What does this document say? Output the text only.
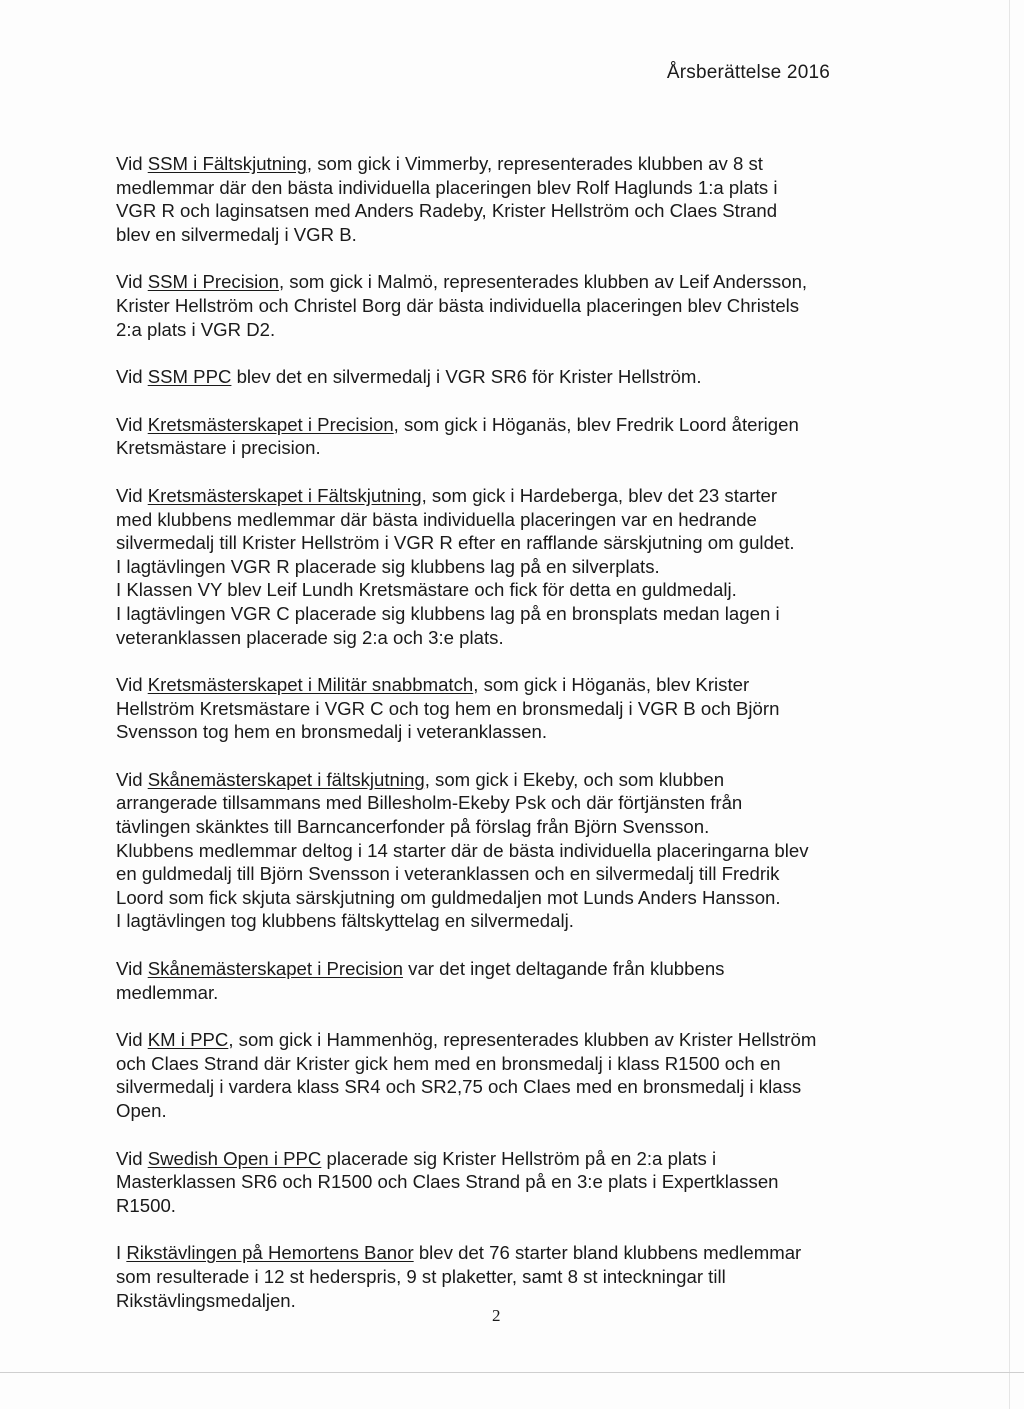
Årsberättelse 2016
Vid SSM i Fältskjutning, som gick i Vimmerby, representerades klubben av 8 st
medlemmar där den bästa individuella placeringen blev Rolf Haglunds 1:a plats i
VGR R och laginsatsen med Anders Radeby, Krister Hellström och Claes Strand
blev en silvermedalj i VGR B.
Vid SSM i Precision, som gick i Malmö, representerades klubben av Leif Andersson,
Krister Hellström och Christel Borg där bästa individuella placeringen blev Christels
2:a plats i VGR D2.
Vid SSM PPC blev det en silvermedalj i VGR SR6 för Krister Hellström.
Vid Kretsmästerskapet i Precision, som gick i Höganäs, blev Fredrik Loord återigen
Kretsmästare i precision.
Vid Kretsmästerskapet i Fältskjutning, som gick i Hardeberga, blev det 23 starter
med klubbens medlemmar där bästa individuella placeringen var en hedrande
silvermedalj till Krister Hellström i VGR R efter en rafflande särskjutning om guldet.
I lagtävlingen VGR R placerade sig klubbens lag på en silverplats.
I Klassen VY blev Leif Lundh Kretsmästare och fick för detta en guldmedalj.
I lagtävlingen VGR C placerade sig klubbens lag på en bronsplats medan lagen i
veteranklassen placerade sig 2:a och 3:e plats.
Vid Kretsmästerskapet i Militär snabbmatch, som gick i Höganäs, blev Krister
Hellström Kretsmästare i VGR C och tog hem en bronsmedalj i VGR B och Björn
Svensson tog hem en bronsmedalj i veteranklassen.
Vid Skånemästerskapet i fältskjutning, som gick i Ekeby, och som klubben
arrangerade tillsammans med Billesholm-Ekeby Psk och där förtjänsten från
tävlingen skänktes till Barncancerfonder på förslag från Björn Svensson.
Klubbens medlemmar deltog i 14 starter där de bästa individuella placeringarna blev
en guldmedalj till Björn Svensson i veteranklassen och en silvermedalj till Fredrik
Loord som fick skjuta särskjutning om guldmedaljen mot Lunds Anders Hansson.
I lagtävlingen tog klubbens fältskyttelag en silvermedalj.
Vid Skånemästerskapet i Precision var det inget deltagande från klubbens
medlemmar.
Vid KM i PPC, som gick i Hammenhög, representerades klubben av Krister Hellström
och Claes Strand där Krister gick hem med en bronsmedalj i klass R1500 och en
silvermedalj i vardera klass SR4 och SR2,75 och Claes med en bronsmedalj i klass
Open.
Vid Swedish Open i PPC placerade sig Krister Hellström på en 2:a plats i
Masterklassen SR6 och R1500 och Claes Strand på en 3:e plats i Expertklassen
R1500.
I Rikstävlingen på Hemortens Banor blev det 76 starter bland klubbens medlemmar
som resulterade i 12 st hederspris, 9 st plaketter, samt 8 st inteckningar till
Rikstävlingsmedaljen.
2
